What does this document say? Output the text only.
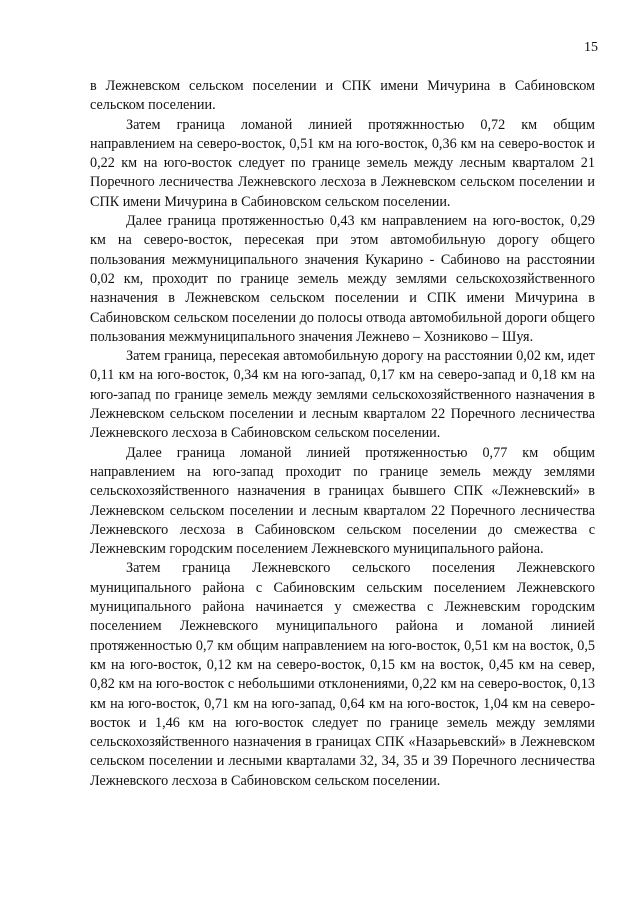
15

в Лежневском сельском поселении и СПК имени Мичурина в Сабиновском сельском поселении.

Затем граница ломаной линией протяжнностью 0,72 км общим направлением на северо-восток, 0,51 км на юго-восток, 0,36 км на северо-восток и 0,22 км на юго-восток следует по границе земель между лесным кварталом 21 Поречного лесничества Лежневского лесхоза в Лежневском сельском поселении и СПК имени Мичурина в Сабиновском сельском поселении.

Далее граница протяженностью 0,43 км направлением на юго-восток, 0,29 км на северо-восток, пересекая при этом автомобильную дорогу общего пользования межмуниципального значения Кукарино - Сабиново на расстоянии 0,02 км, проходит по границе земель между землями сельскохозяйственного назначения в Лежневском сельском поселении и СПК имени Мичурина в Сабиновском сельском поселении до полосы отвода автомобильной дороги общего пользования межмуниципального значения Лежнево – Хозниково – Шуя.

Затем граница, пересекая автомобильную дорогу на расстоянии 0,02 км, идет 0,11 км на юго-восток, 0,34 км на юго-запад, 0,17 км на северо-запад и 0,18 км на юго-запад по границе земель между землями сельскохозяйственного назначения в Лежневском сельском поселении и лесным кварталом 22 Поречного лесничества Лежневского лесхоза в Сабиновском сельском поселении.

Далее граница ломаной линией протяженностью 0,77 км общим направлением на юго-запад проходит по границе земель между землями сельскохозяйственного назначения в границах бывшего СПК «Лежневский» в Лежневском сельском поселении и лесным кварталом 22 Поречного лесничества Лежневского лесхоза в Сабиновском сельском поселении до смежества с Лежневским городским поселением Лежневского муниципального района.

Затем граница Лежневского сельского поселения Лежневского муниципального района с Сабиновским сельским поселением Лежневского муниципального района начинается у смежества с Лежневским городским поселением Лежневского муниципального района и ломаной линией протяженностью 0,7 км общим направлением на юго-восток, 0,51 км на восток, 0,5 км на юго-восток, 0,12 км на северо-восток, 0,15 км на восток, 0,45 км на север, 0,82 км на юго-восток с небольшими отклонениями, 0,22 км на северо-восток, 0,13 км на юго-восток, 0,71 км на юго-запад, 0,64 км на юго-восток, 1,04 км на северо-восток и 1,46 км на юго-восток следует по границе земель между землями сельскохозяйственного назначения в границах СПК «Назарьевский» в Лежневском сельском поселении и лесными кварталами 32, 34, 35 и 39 Поречного лесничества Лежневского лесхоза в Сабиновском сельском поселении.
